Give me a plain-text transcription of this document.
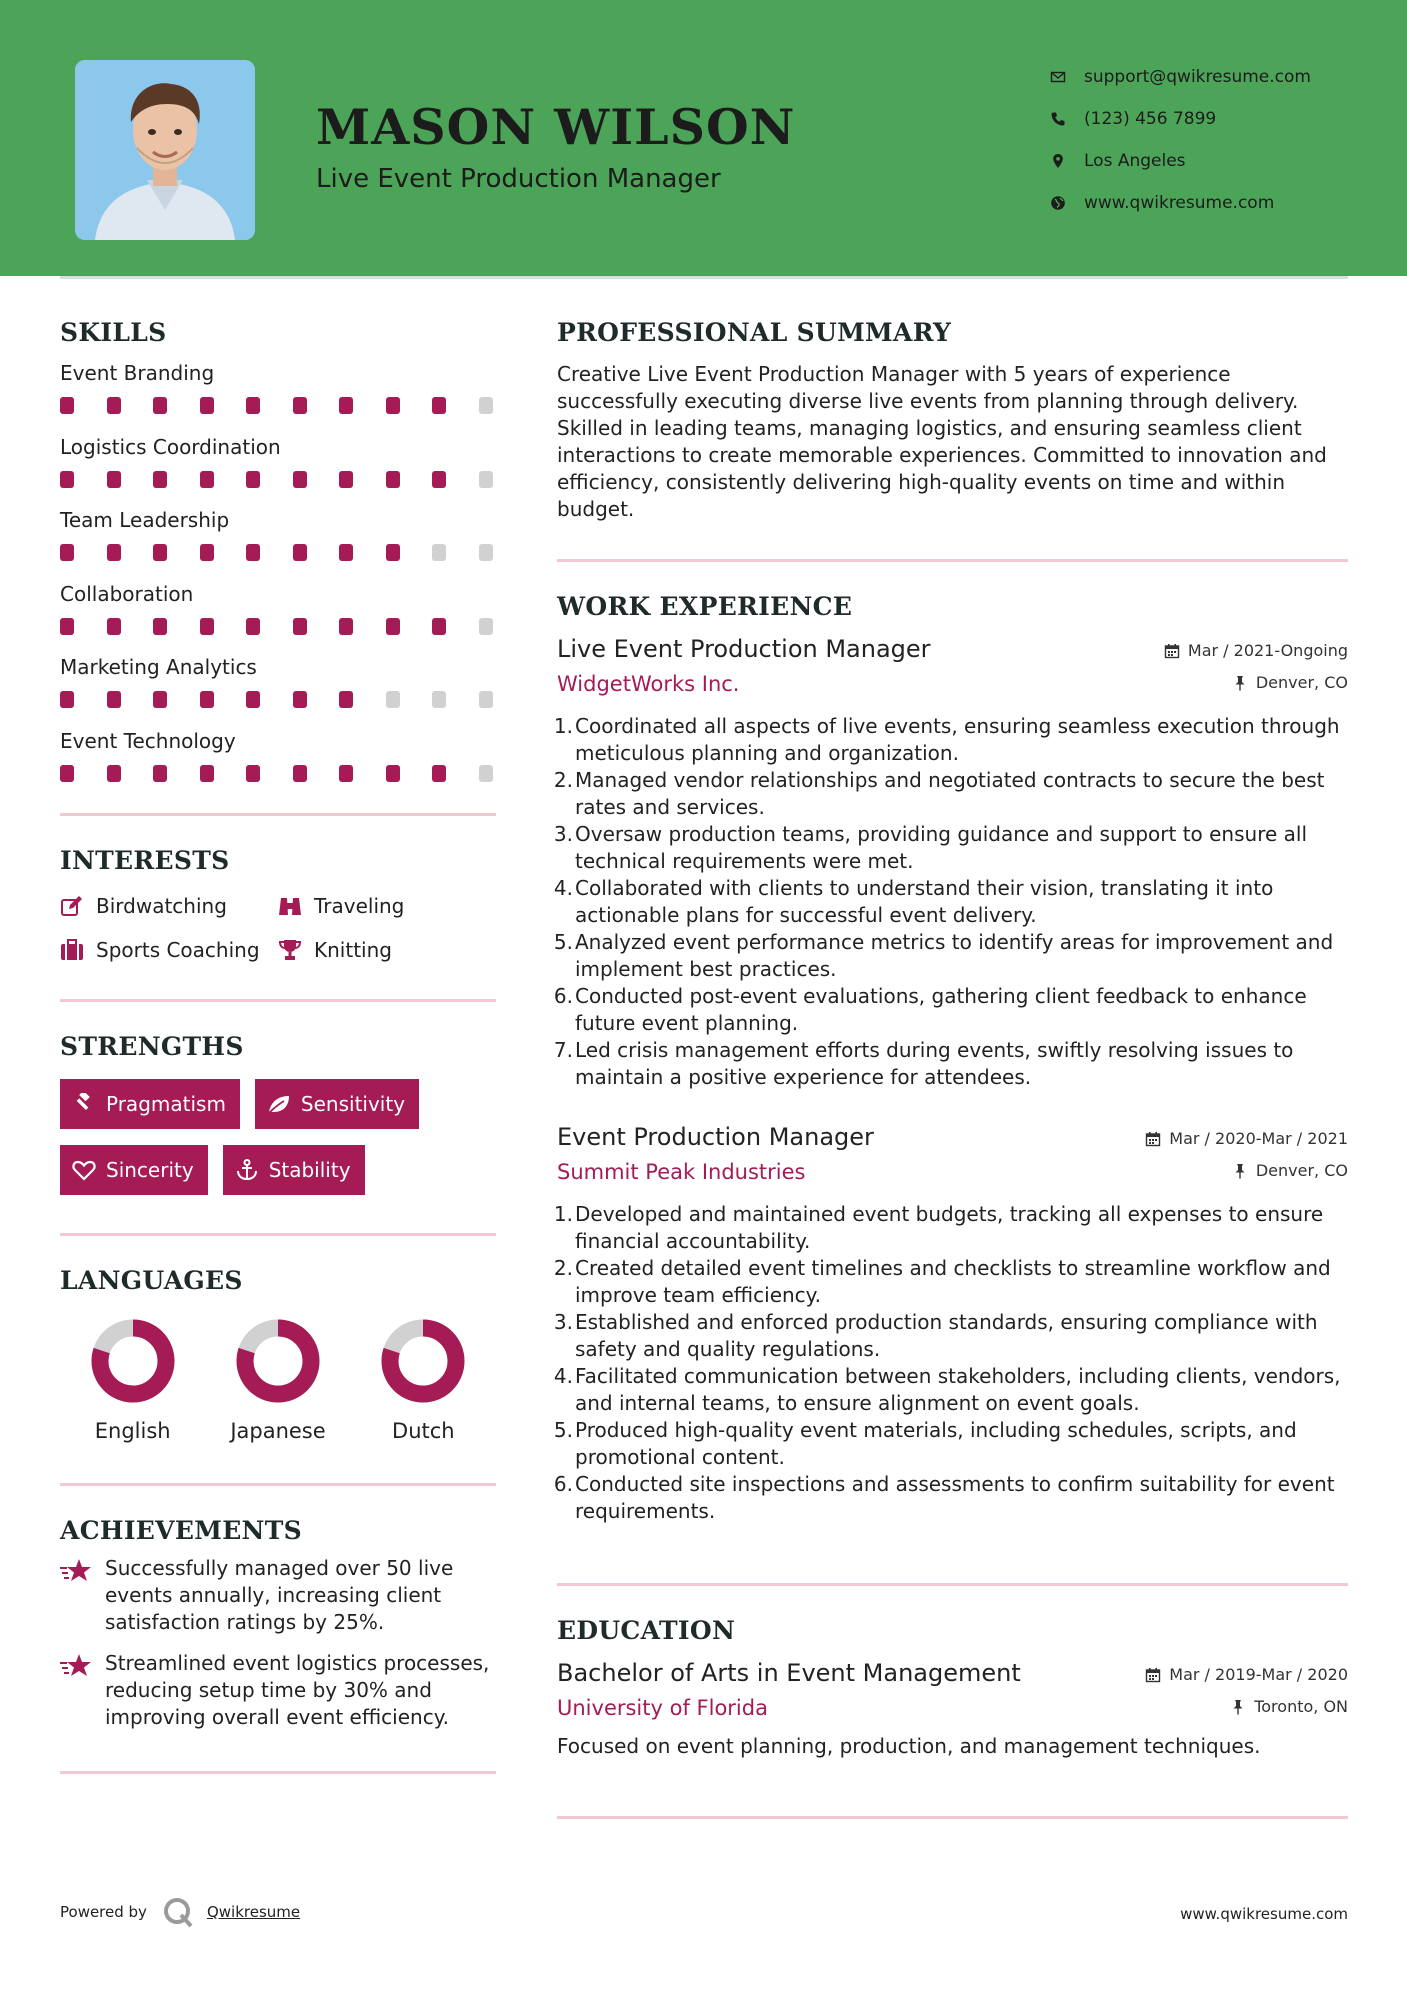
MASON WILSON
Live Event Production Manager
support@qwikresume.com
(123) 456 7899
Los Angeles
www.qwikresume.com
SKILLS
Event Branding
Logistics Coordination
Team Leadership
Collaboration
Marketing Analytics
Event Technology
INTERESTS
Birdwatching	Traveling
Sports Coaching	Knitting
STRENGTHS
Pragmatism	Sensitivity
Sincerity	Stability
LANGUAGES
English	Japanese	Dutch
ACHIEVEMENTS
Successfully managed over 50 live events annually, increasing client satisfaction ratings by 25%.
Streamlined event logistics processes, reducing setup time by 30% and improving overall event efficiency.
PROFESSIONAL SUMMARY
Creative Live Event Production Manager with 5 years of experience successfully executing diverse live events from planning through delivery. Skilled in leading teams, managing logistics, and ensuring seamless client interactions to create memorable experiences. Committed to innovation and efficiency, consistently delivering high-quality events on time and within budget.
WORK EXPERIENCE
Live Event Production Manager
WidgetWorks Inc.
Mar / 2021-Ongoing
Denver, CO
1. Coordinated all aspects of live events, ensuring seamless execution through meticulous planning and organization.
2. Managed vendor relationships and negotiated contracts to secure the best rates and services.
3. Oversaw production teams, providing guidance and support to ensure all technical requirements were met.
4. Collaborated with clients to understand their vision, translating it into actionable plans for successful event delivery.
5. Analyzed event performance metrics to identify areas for improvement and implement best practices.
6. Conducted post-event evaluations, gathering client feedback to enhance future event planning.
7. Led crisis management efforts during events, swiftly resolving issues to maintain a positive experience for attendees.
Event Production Manager
Summit Peak Industries
Mar / 2020-Mar / 2021
Denver, CO
1. Developed and maintained event budgets, tracking all expenses to ensure financial accountability.
2. Created detailed event timelines and checklists to streamline workflow and improve team efficiency.
3. Established and enforced production standards, ensuring compliance with safety and quality regulations.
4. Facilitated communication between stakeholders, including clients, vendors, and internal teams, to ensure alignment on event goals.
5. Produced high-quality event materials, including schedules, scripts, and promotional content.
6. Conducted site inspections and assessments to confirm suitability for event requirements.
EDUCATION
Bachelor of Arts in Event Management
University of Florida
Mar / 2019-Mar / 2020
Toronto, ON
Focused on event planning, production, and management techniques.
Powered by	Qwikresume	www.qwikresume.com
